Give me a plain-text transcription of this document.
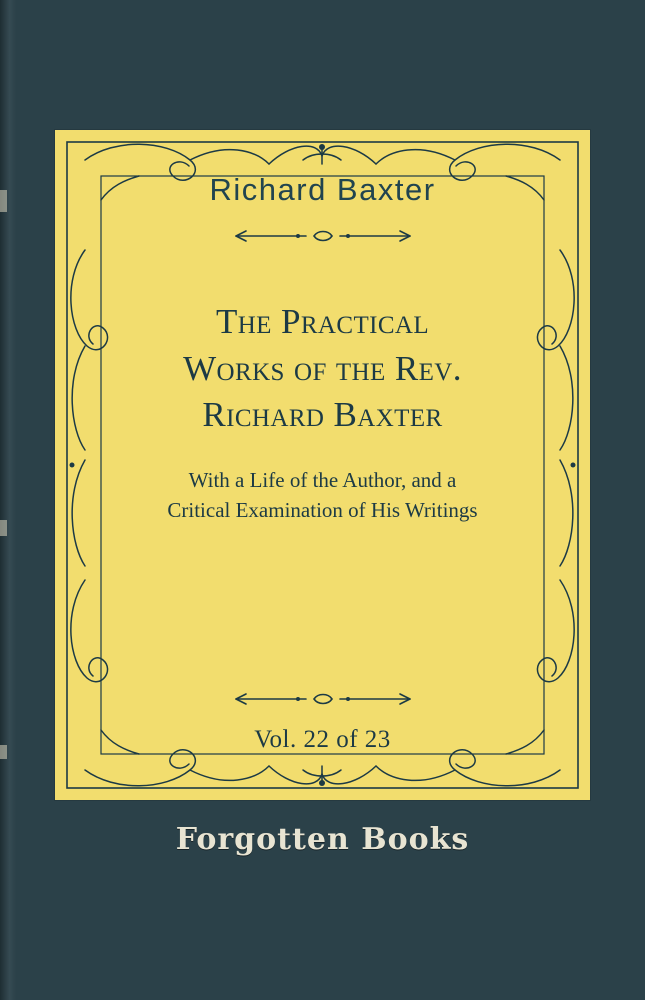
Richard Baxter
The Practical
Works of the Rev.
Richard Baxter
With a Life of the Author, and a
Critical Examination of His Writings
Vol. 22 of 23
Forgotten Books
